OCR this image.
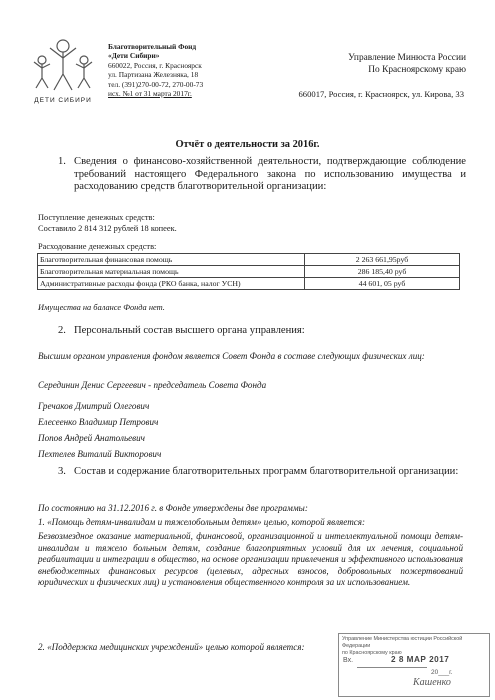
ДЕТИ СИБИРИ
Благотворительный Фонд
«Дети Сибири»
660022, Россия, г. Красноярск
ул. Партизана Железняка, 18
тел. (391)270-00-72, 270-00-73
исх. №1 от 31 марта 2017г.
Управление Минюста России
По Красноярскому краю
660017, Россия, г. Красноярск, ул. Кирова, 33
Отчёт о деятельности за 2016г.
1. Сведения о финансово-хозяйственной деятельности, подтверждающие соблюдение требований настоящего Федерального закона по использованию имущества и расходованию средств благотворительной организации:
Поступление денежных средств:
Составило 2 814 312 рублей 18 копеек.
Расходование денежных средств:
Благотворительная финансовая помощь	2 263 661,95руб
Благотворительная материальная помощь	286 185,40 руб
Административные расходы фонда (РКО банка, налог УСН)	44 601, 05 руб
Имущества на балансе Фонда нет.
2. Персональный состав высшего органа управления:
Высшим органом управления фондом является Совет Фонда в составе следующих физических лиц:
Серединин Денис Сергеевич - председатель Совета Фонда
Гречаков Дмитрий Олегович
Елесеенко Владимир Петрович
Попов Андрей Анатольевич
Пехтелев Виталий Викторович
3. Состав и содержание благотворительных программ благотворительной организации:
По состоянию на 31.12.2016 г. в Фонде утверждены две программы:
1. «Помощь детям-инвалидам и тяжелобольным детям» целью, которой является:
Безвозмездное оказание материальной, финансовой, организационной и интеллектуальной помощи детям-инвалидам и тяжело больным детям, создание благоприятных условий для их лечения, социальной реабилитации и интеграции в общество, на основе организации привлечения и эффективного использования внебюджетных финансовых ресурсов (целевых, адресных взносов, добровольных пожертвований юридических и физических лиц) и установления общественного контроля за их использованием.
2. «Поддержка медицинских учреждений» целью которой является:
Управление Министерства юстиции Российской Федерации
по Красноярскому краю
Вх.	2 8 МАР 2017
20___г.
Кашенко
